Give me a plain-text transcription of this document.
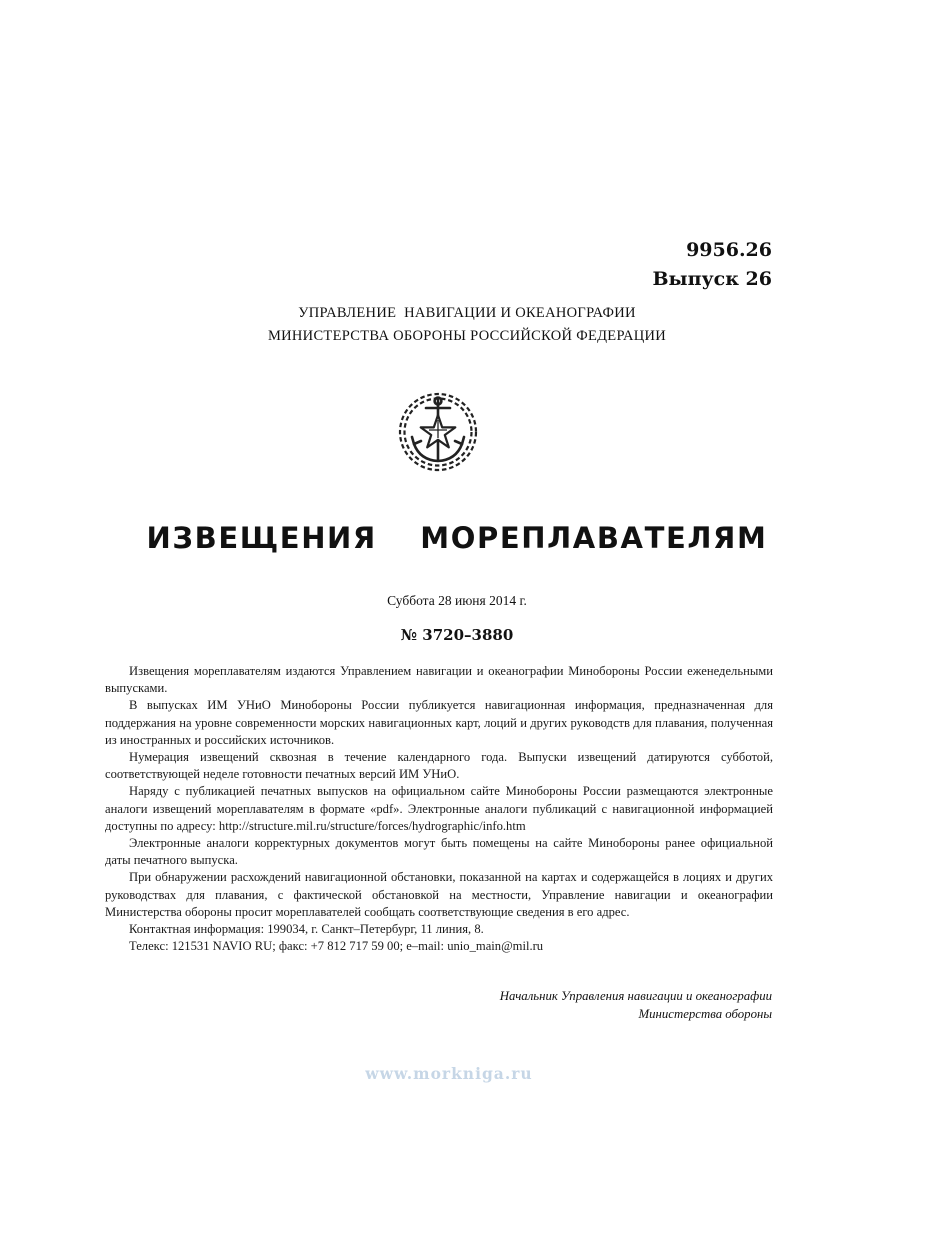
9956.26
Выпуск 26
УПРАВЛЕНИЕ  НАВИГАЦИИ И ОКЕАНОГРАФИИ
МИНИСТЕРСТВА ОБОРОНЫ РОССИЙСКОЙ ФЕДЕРАЦИИ
ИЗВЕЩЕНИЯ  МОРЕПЛАВАТЕЛЯМ
Суббота 28 июня 2014 г.
№ 3720–3880

Извещения мореплавателям издаются Управлением навигации и океанографии Минобороны России еженедельными выпусками.

В выпусках ИМ УНиО Минобороны России публикуется навигационная информация, предназначенная для поддержания на уровне современности морских навигационных карт, лоций и других руководств для плавания, полученная из иностранных и российских источников.

Нумерация извещений сквозная в течение календарного года. Выпуски извещений датируются субботой, соответствующей неделе готовности печатных версий ИМ УНиО.

Наряду с публикацией печатных выпусков на официальном сайте Минобороны России размещаются электронные аналоги извещений мореплавателям в формате «pdf». Электронные аналоги публикаций с навигационной информацией доступны по адресу: http://structure.mil.ru/structure/forces/hydrographic/info.htm

Электронные аналоги корректурных документов могут быть помещены на сайте Минобороны ранее официальной даты печатного выпуска.

При обнаружении расхождений навигационной обстановки, показанной на картах и содержащейся в лоциях и других руководствах для плавания, с фактической обстановкой на местности, Управление навигации и океанографии Министерства обороны просит мореплавателей сообщать соответствующие сведения в его адрес.

Контактная информация: 199034, г. Санкт–Петербург, 11 линия, 8.

Телекс: 121531 NAVIO RU; факс: +7 812 717 59 00; e–mail: unio_main@mil.ru

Начальник Управления навигации и океанографии
Министерства обороны
www.morkniga.ru
